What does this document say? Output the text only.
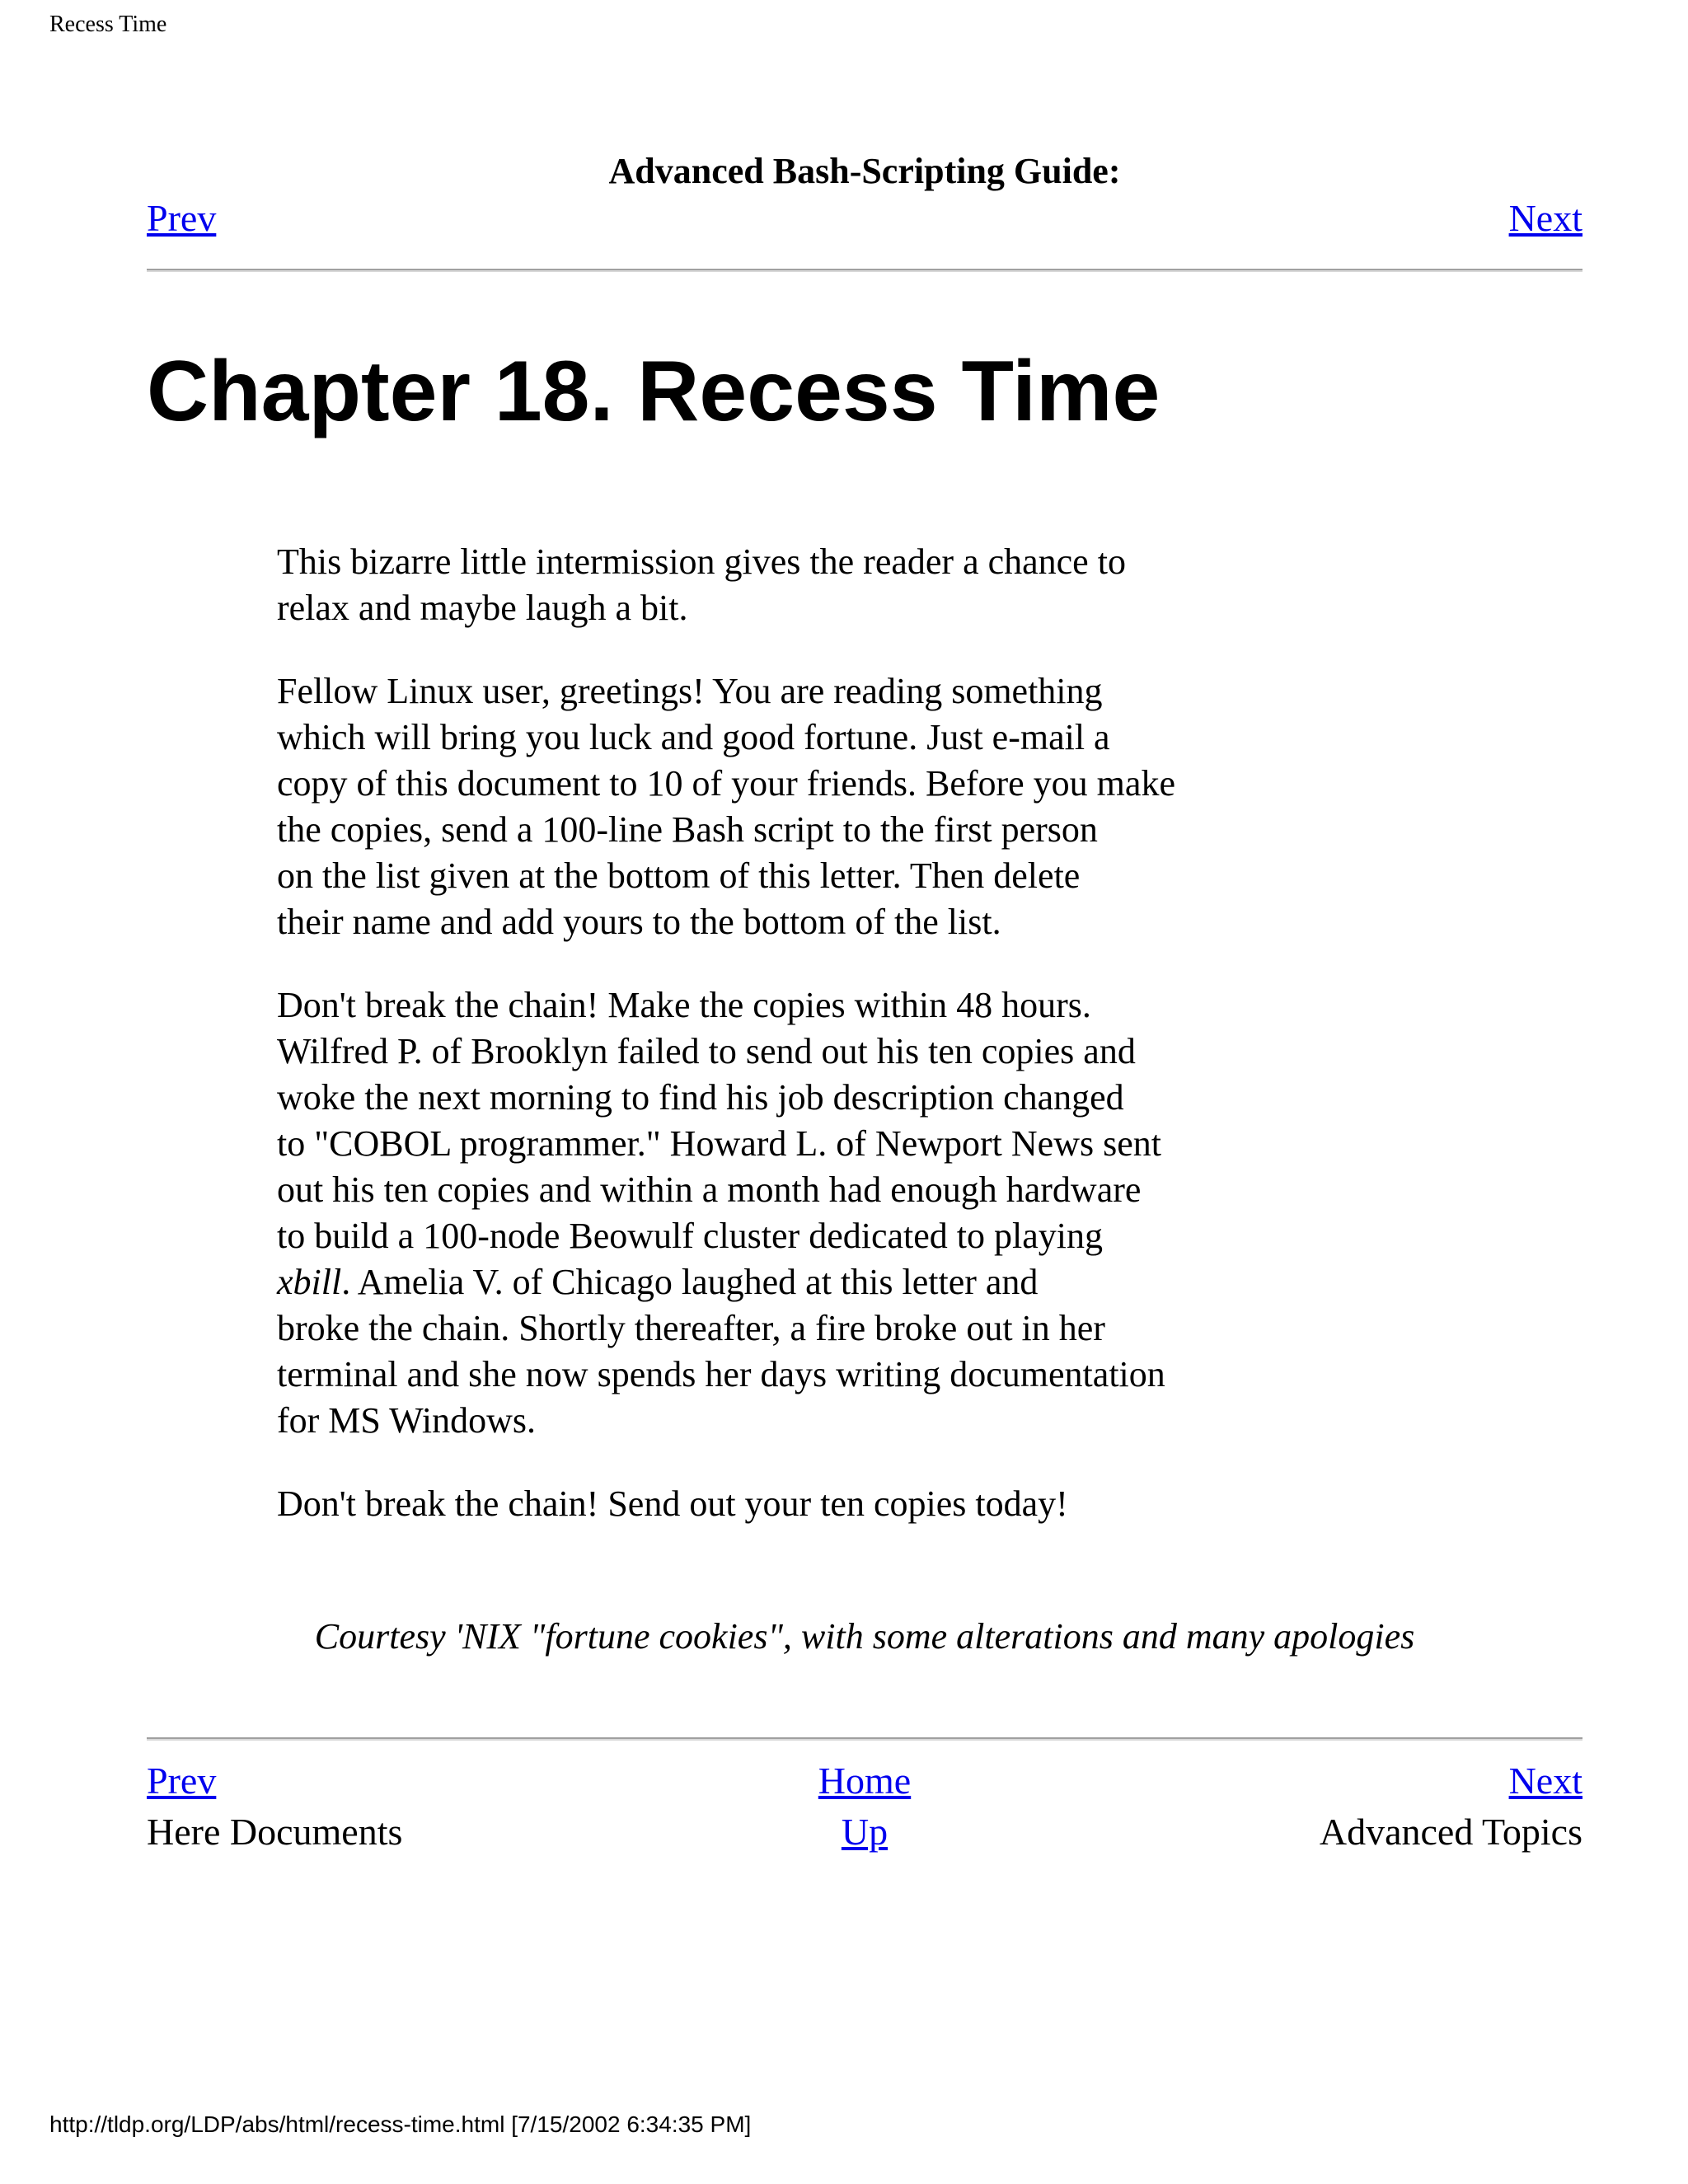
Recess Time
Advanced Bash-Scripting Guide:
Prev	Next
Chapter 18. Recess Time

This bizarre little intermission gives the reader a chance to
relax and maybe laugh a bit.

Fellow Linux user, greetings! You are reading something
which will bring you luck and good fortune. Just e-mail a
copy of this document to 10 of your friends. Before you make
the copies, send a 100-line Bash script to the first person
on the list given at the bottom of this letter. Then delete
their name and add yours to the bottom of the list.

Don't break the chain! Make the copies within 48 hours.
Wilfred P. of Brooklyn failed to send out his ten copies and
woke the next morning to find his job description changed
to "COBOL programmer." Howard L. of Newport News sent
out his ten copies and within a month had enough hardware
to build a 100-node Beowulf cluster dedicated to playing
xbill. Amelia V. of Chicago laughed at this letter and
broke the chain. Shortly thereafter, a fire broke out in her
terminal and she now spends her days writing documentation
for MS Windows.

Don't break the chain! Send out your ten copies today!

Courtesy 'NIX "fortune cookies", with some alterations and many apologies
Home
Up
Prev
Here Documents
Next
Advanced Topics
http://tldp.org/LDP/abs/html/recess-time.html [7/15/2002 6:34:35 PM]
